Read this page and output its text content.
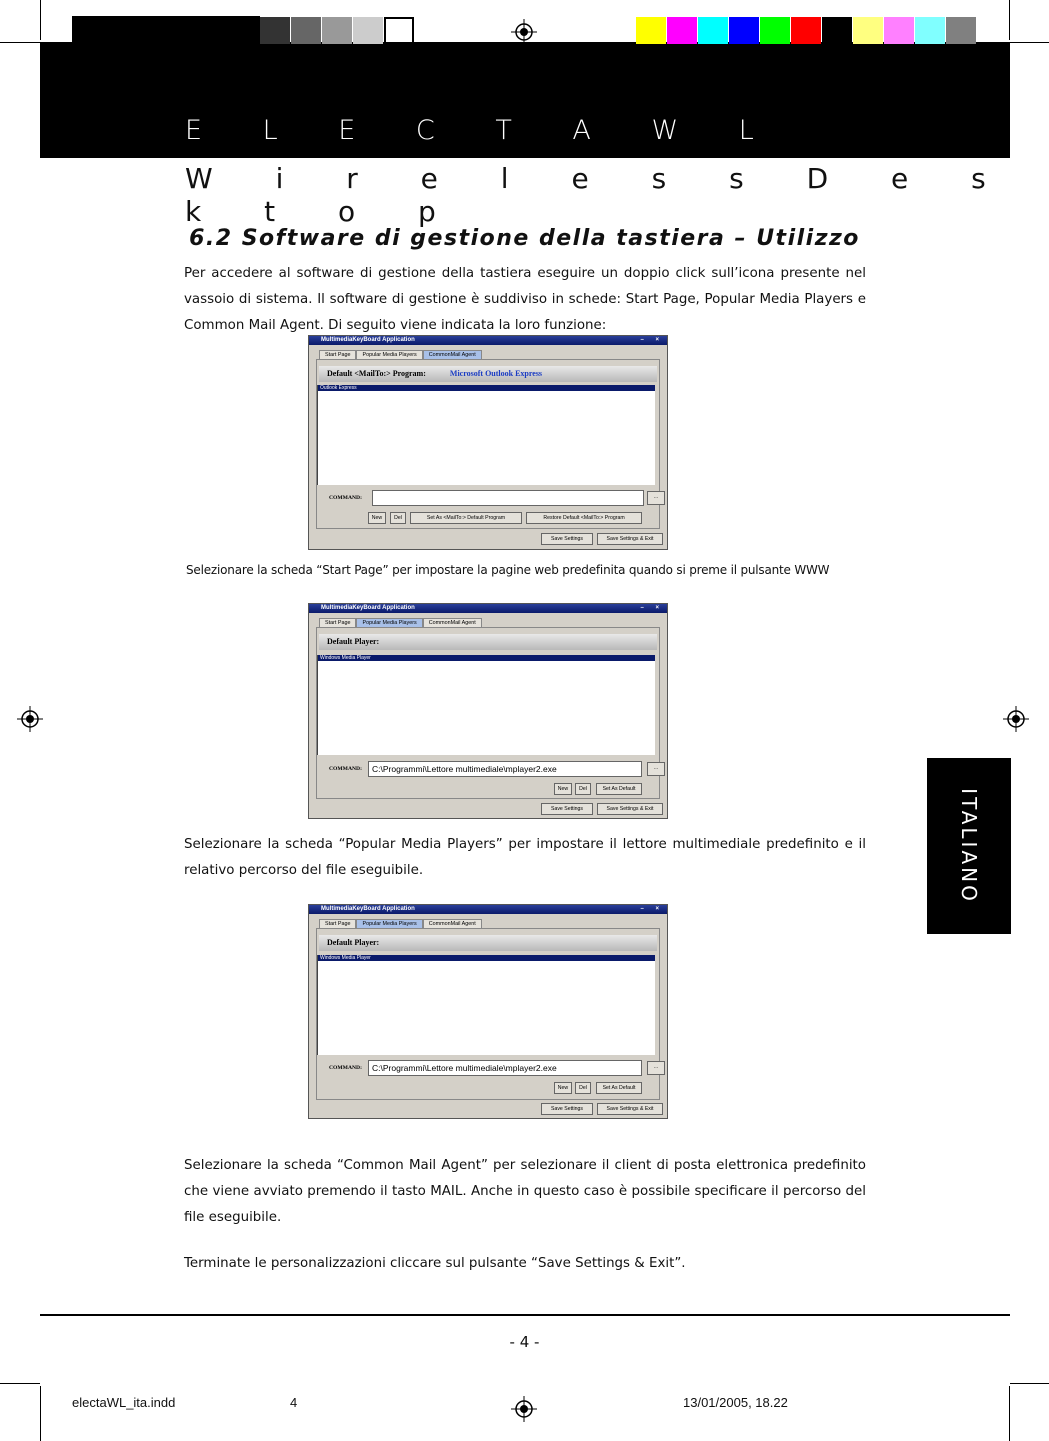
E L E C T A W L
W i r e l e s s D e s k t o p
6.2 Software di gestione della tastiera – Utilizzo
Per accedere al software di gestione della tastiera eseguire un doppio click sull’icona presente nel vassoio di sistema. Il software di gestione è suddiviso in schede: Start Page, Popular Media Players e Common Mail Agent. Di seguito viene indicata la loro funzione:
MultimediaKeyBoard Application	– ×
Start Page	Popular Media Players	CommonMail Agent
Default <MailTo:> Program:	Microsoft Outlook Express
Outlook Express
COMMAND:	...
New	Del	Set As <MailTo:> Default Program	Restore Default <MailTo:> Program
Save Settings	Save Settings & Exit
Selezionare la scheda “Start Page” per impostare la pagine web predefinita quando si preme il pulsante WWW
MultimediaKeyBoard Application	– ×
Start Page	Popular Media Players	CommonMail Agent
Default Player:
Windows Media Player
COMMAND:	C:\Programmi\Lettore multimediale\mplayer2.exe	...
New	Del	Set As Default
Save Settings	Save Settings & Exit
Selezionare la scheda “Popular Media Players” per impostare il lettore multimediale predefinito e il relativo percorso del file eseguibile.
MultimediaKeyBoard Application	– ×
Start Page	Popular Media Players	CommonMail Agent
Default Player:
Windows Media Player
COMMAND:	C:\Programmi\Lettore multimediale\mplayer2.exe	...
New	Del	Set As Default
Save Settings	Save Settings & Exit
Selezionare la scheda “Common Mail Agent” per selezionare il client di posta elettronica predefinito che viene avviato premendo il tasto MAIL. Anche in questo caso è possibile specificare il percorso del file eseguibile.
Terminate le personalizzazioni cliccare sul pulsante “Save Settings & Exit”.
ITALIANO
- 4 -
electaWL_ita.indd	4	13/01/2005, 18.22
